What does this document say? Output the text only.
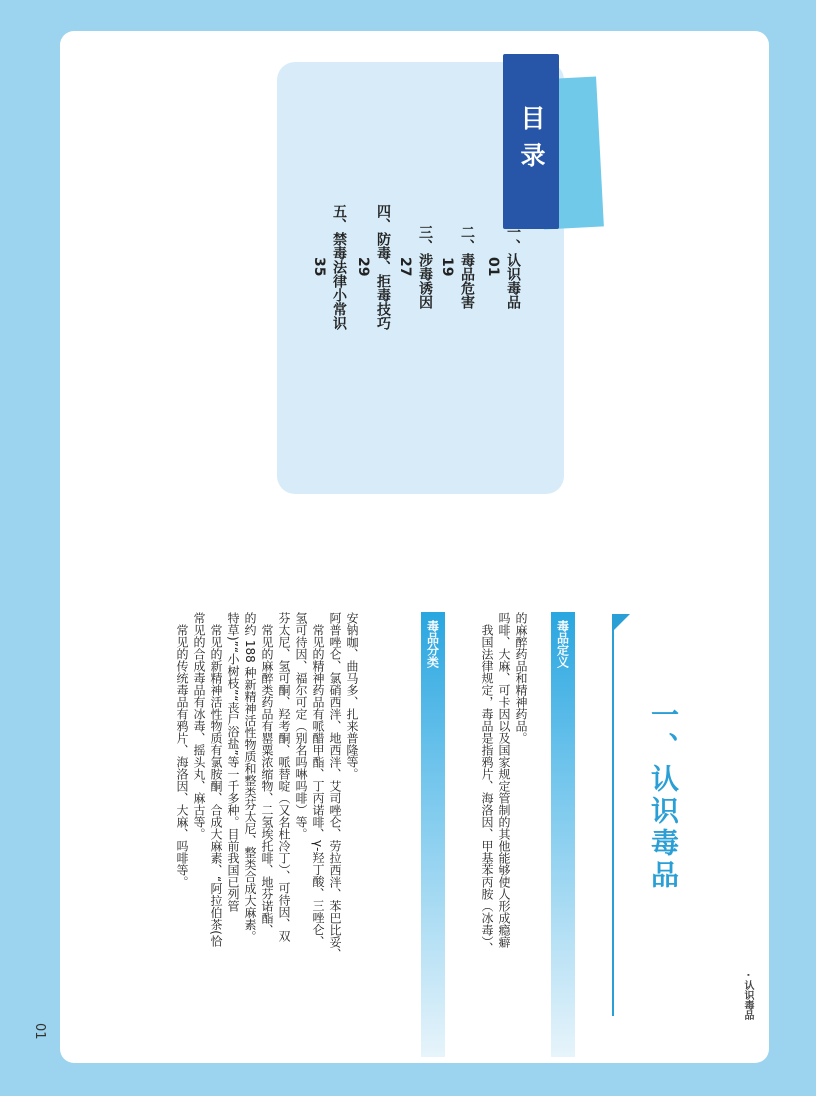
· 认识毒品
目录
一、认识毒品
01
二、毒品危害
19
三、涉毒诱因
27
四、防毒、拒毒技巧
29
五、禁毒法律小常识
35
一、认识毒品
毒品定义
的麻醉药品和精神药品。
吗啡、大麻、可卡因以及国家规定管制的其他能够使人形成瘾癖
　我国法律规定，毒品是指鸦片、海洛因、甲基苯丙胺（冰毒）、
毒品分类
安钠咖、曲马多、扎来普隆等。
阿普唑仑、氯硝西泮、地西泮、艾司唑仑、劳拉西泮、苯巴比妥、
　常见的精神药品有哌醋甲酯、丁丙诺啡、γ-羟丁酸、三唑仑、
氢可待因、福尔可定（别名吗啉吗啡）等。
芬太尼、氢可酮、羟考酮、哌替啶（又名杜冷丁）、可待因、双
　常见的麻醉类药品有罂粟浓缩物、二氢埃托啡、地芬诺酯、
的约 188 种新精神活性物质和整类芬太尼、整类合成大麻素。
特草)”“小树枝”“丧尸浴盐”等一千多种。目前我国已列管
　常见的新精神活性物质有氯胺酮、合成大麻素、“阿拉伯茶(恰
常见的合成毒品有冰毒、摇头丸、麻古等。
　常见的传统毒品有鸦片、海洛因、大麻、吗啡等。
01
